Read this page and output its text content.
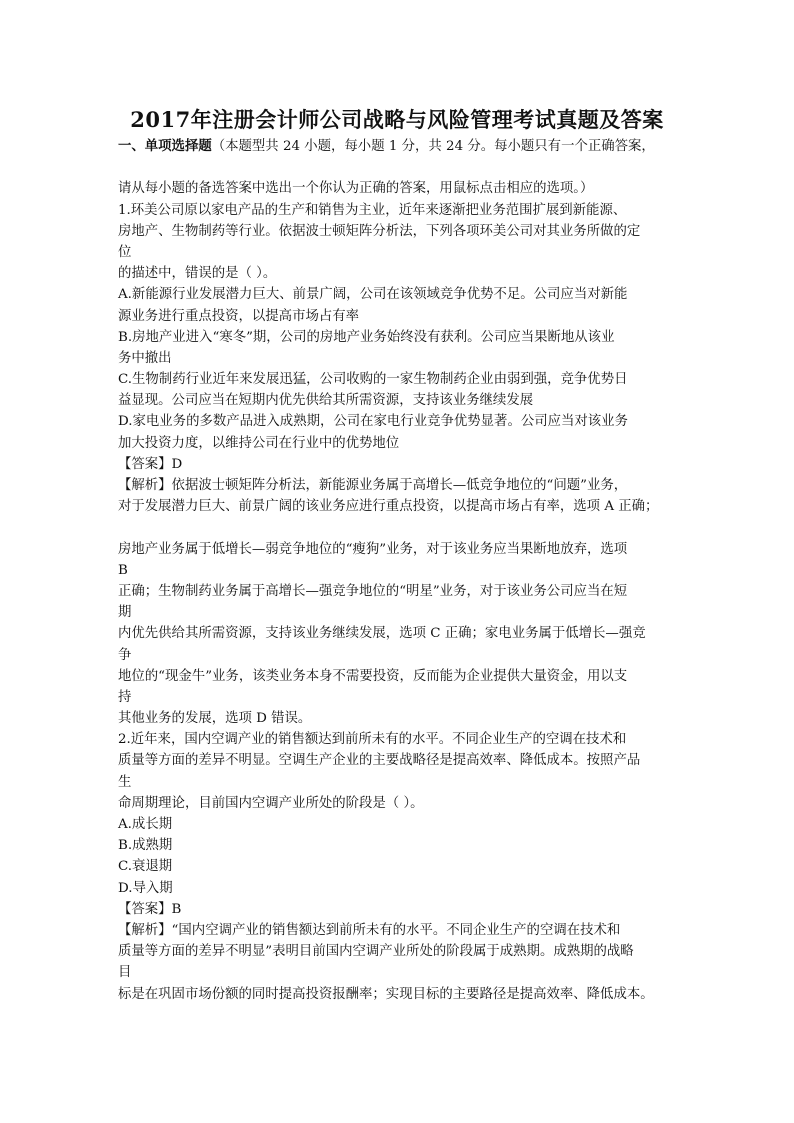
2017年注册会计师公司战略与风险管理考试真题及答案
一、单项选择题（本题型共 24 小题，每小题 1 分，共 24 分。每小题只有一个正确答案，
请从每小题的备选答案中选出一个你认为正确的答案，用鼠标点击相应的选项。）
1.环美公司原以家电产品的生产和销售为主业，近年来逐渐把业务范围扩展到新能源、
房地产、生物制药等行业。依据波士顿矩阵分析法，下列各项环美公司对其业务所做的定
位
的描述中，错误的是（ ）。
A.新能源行业发展潜力巨大、前景广阔，公司在该领域竞争优势不足。公司应当对新能
源业务进行重点投资，以提高市场占有率
B.房地产业进入“寒冬”期，公司的房地产业务始终没有获利。公司应当果断地从该业
务中撤出
C.生物制药行业近年来发展迅猛，公司收购的一家生物制药企业由弱到强，竞争优势日
益显现。公司应当在短期内优先供给其所需资源，支持该业务继续发展
D.家电业务的多数产品进入成熟期，公司在家电行业竞争优势显著。公司应当对该业务
加大投资力度，以维持公司在行业中的优势地位
【答案】D
【解析】依据波士顿矩阵分析法，新能源业务属于高增长—低竞争地位的“问题”业务，
对于发展潜力巨大、前景广阔的该业务应进行重点投资，以提高市场占有率，选项 A 正确；
房地产业务属于低增长—弱竞争地位的“瘦狗”业务，对于该业务应当果断地放弃，选项
B
正确；生物制药业务属于高增长—强竞争地位的“明星”业务，对于该业务公司应当在短
期
内优先供给其所需资源，支持该业务继续发展，选项 C 正确；家电业务属于低增长—强竞
争
地位的“现金牛”业务，该类业务本身不需要投资，反而能为企业提供大量资金，用以支
持
其他业务的发展，选项 D 错误。
2.近年来，国内空调产业的销售额达到前所未有的水平。不同企业生产的空调在技术和
质量等方面的差异不明显。空调生产企业的主要战略径是提高效率、降低成本。按照产品
生
命周期理论，目前国内空调产业所处的阶段是（ ）。
A.成长期
B.成熟期
C.衰退期
D.导入期
【答案】B
【解析】“国内空调产业的销售额达到前所未有的水平。不同企业生产的空调在技术和
质量等方面的差异不明显”表明目前国内空调产业所处的阶段属于成熟期。成熟期的战略
目
标是在巩固市场份额的同时提高投资报酬率；实现目标的主要路径是提高效率、降低成本。
